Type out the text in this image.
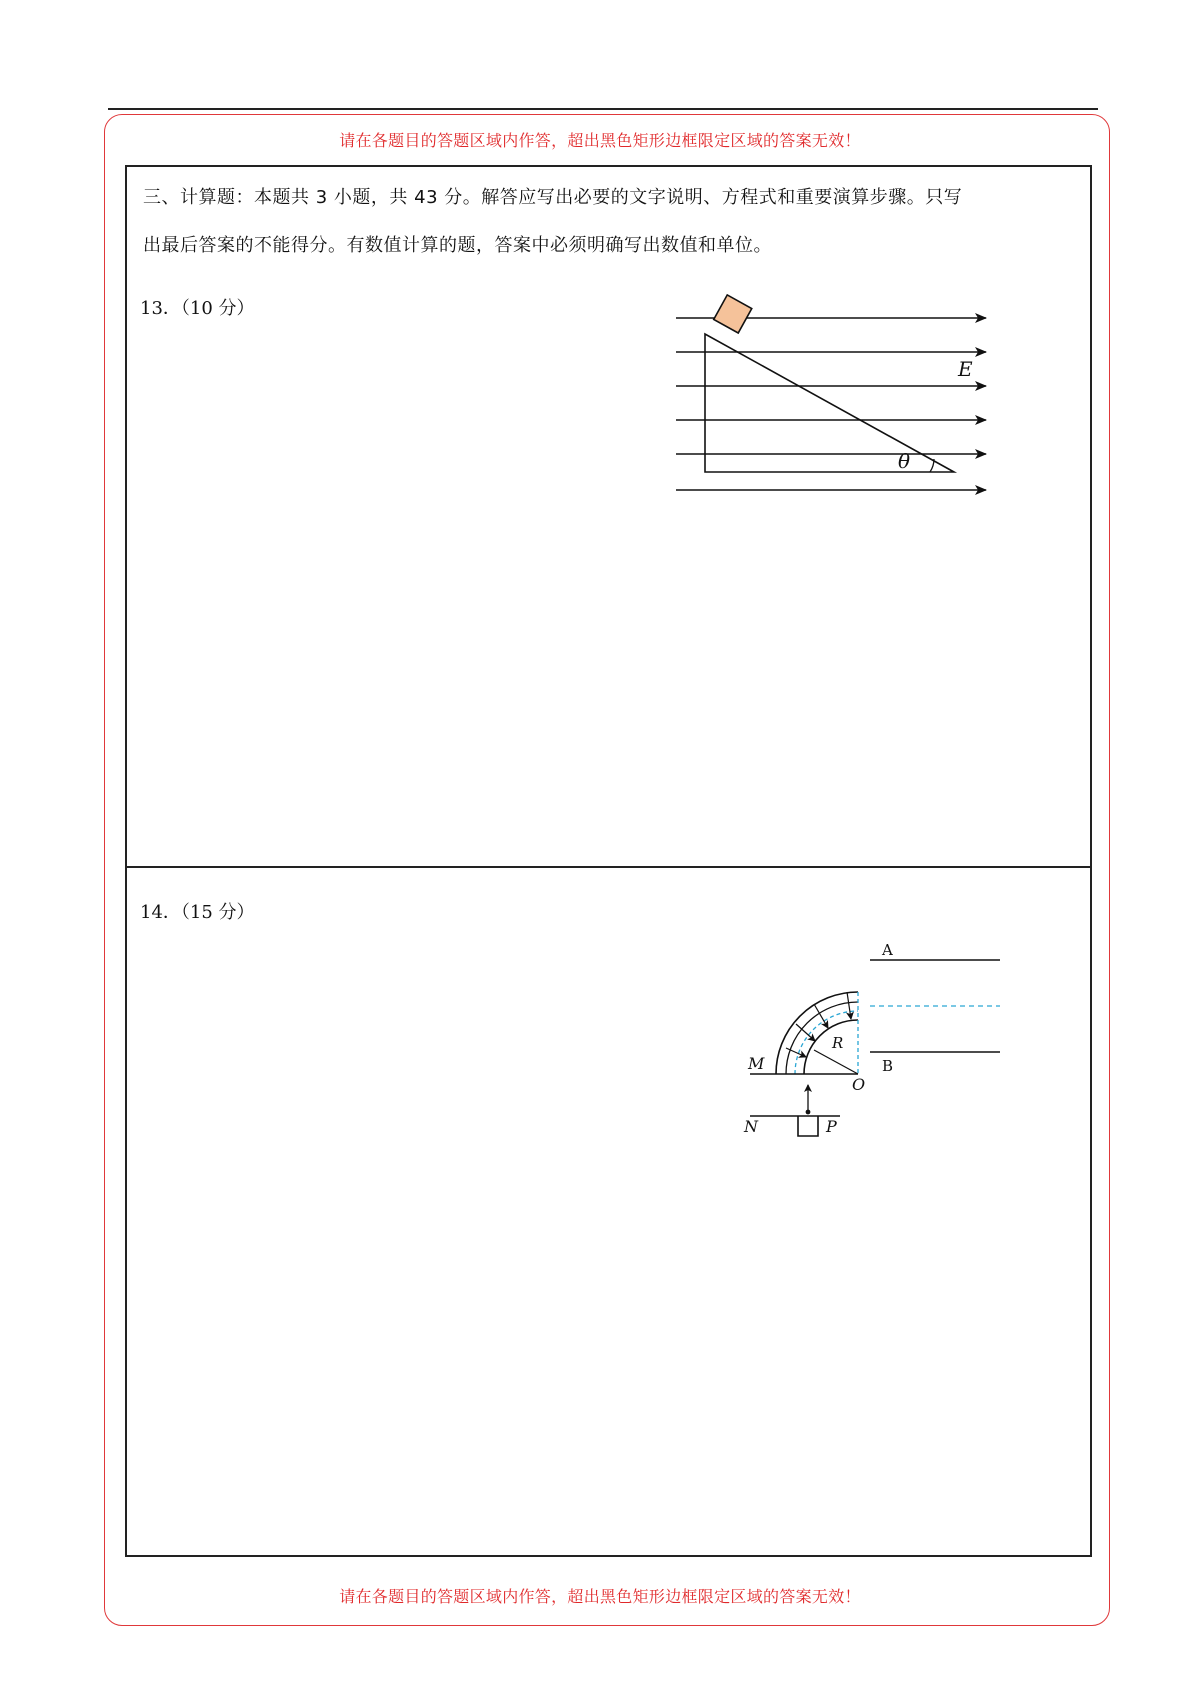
请在各题目的答题区域内作答，超出黑色矩形边框限定区域的答案无效！
三、计算题：本题共 3 小题，共 43 分。解答应写出必要的文字说明、方程式和重要演算步骤。只写
出最后答案的不能得分。有数值计算的题，答案中必须明确写出数值和单位。
13．（10 分）
E
θ
14．（15 分）
A
B
M
N
O
P
R
请在各题目的答题区域内作答，超出黑色矩形边框限定区域的答案无效！
